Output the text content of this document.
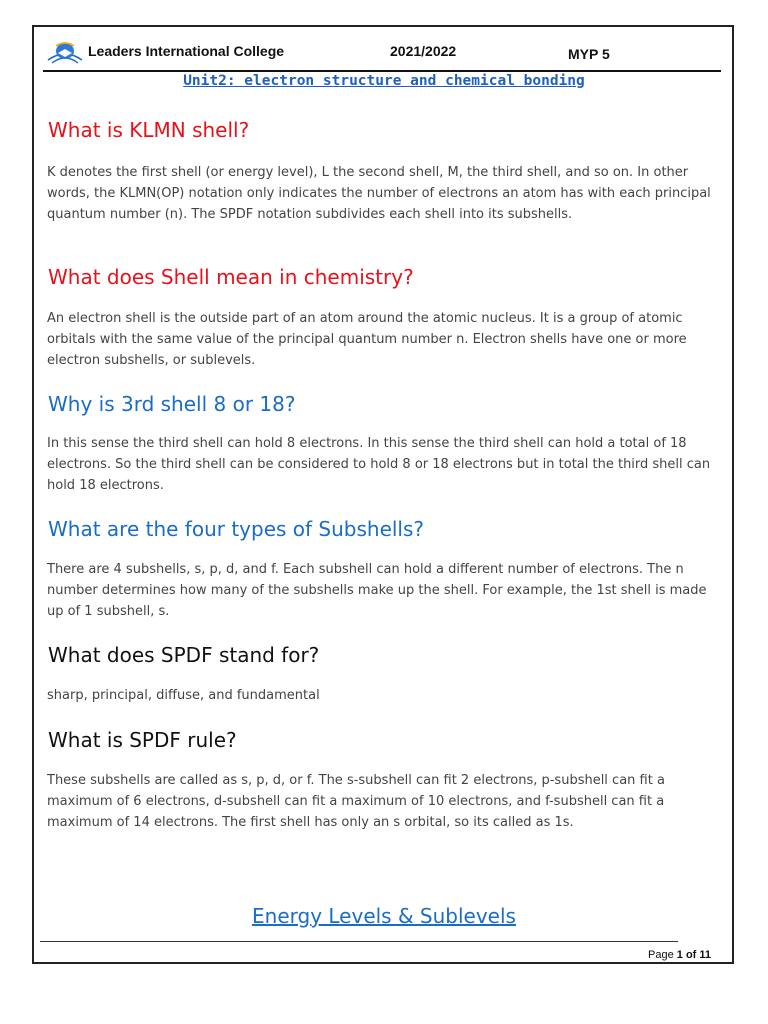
Leaders International College	2021/2022	MYP 5
Unit2: electron structure and chemical bonding
What is KLMN shell?

K denotes the first shell (or energy level), L the second shell, M, the third shell, and so on. In other words, the KLMN(OP) notation only indicates the number of electrons an atom has with each principal quantum number (n). The SPDF notation subdivides each shell into its subshells.

What does Shell mean in chemistry?

An electron shell is the outside part of an atom around the atomic nucleus. It is a group of atomic orbitals with the same value of the principal quantum number n. Electron shells have one or more electron subshells, or sublevels.

Why is 3rd shell 8 or 18?

In this sense the third shell can hold 8 electrons. In this sense the third shell can hold a total of 18 electrons. So the third shell can be considered to hold 8 or 18 electrons but in total the third shell can hold 18 electrons.

What are the four types of Subshells?

There are 4 subshells, s, p, d, and f. Each subshell can hold a different number of electrons. The n number determines how many of the subshells make up the shell. For example, the 1st shell is made up of 1 subshell, s.

What does SPDF stand for?

sharp, principal, diffuse, and fundamental

What is SPDF rule?

These subshells are called as s, p, d, or f. The s-subshell can fit 2 electrons, p-subshell can fit a maximum of 6 electrons, d-subshell can fit a maximum of 10 electrons, and f-subshell can fit a maximum of 14 electrons. The first shell has only an s orbital, so its called as 1s.

Energy Levels & Sublevels
Page 1 of 11
